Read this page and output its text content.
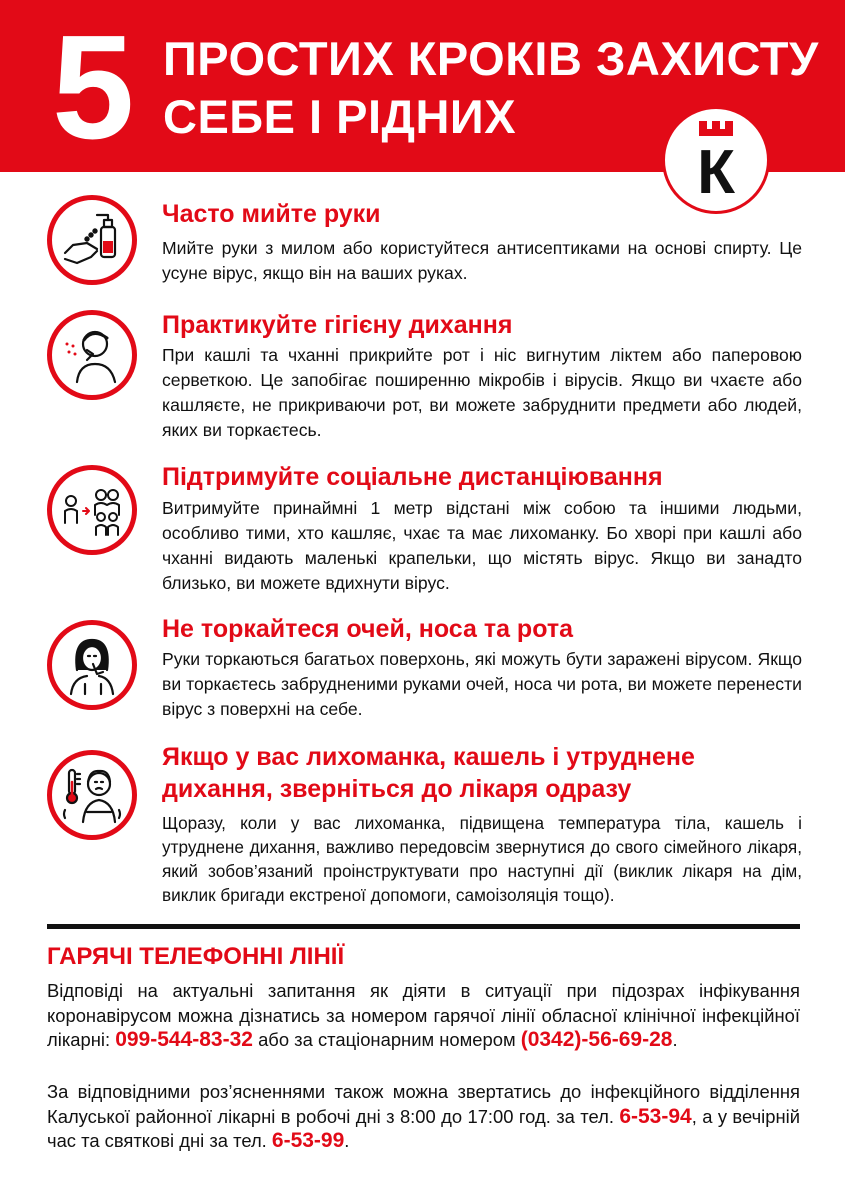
5 ПРОСТИХ КРОКІВ ЗАХИСТУ
СЕБЕ І РІДНИХ
К
Часто мийте руки

Мийте руки з милом або користуйтеся антисептиками на основі спирту. Це усуне вірус, якщо він на ваших руках.

Практикуйте гігієну дихання

При кашлі та чханні прикрийте рот і ніс вигнутим ліктем або паперовою серветкою. Це запобігає поширенню мікробів і вірусів. Якщо ви чхаєте або кашляєте, не прикриваючи рот, ви можете забруднити предмети або людей, яких ви торкаєтесь.

Підтримуйте соціальне дистанціювання

Витримуйте принаймні 1 метр відстані між собою та іншими людьми, особливо тими, хто кашляє, чхає та має лихоманку. Бо хворі при кашлі або чханні видають маленькі крапельки, що містять вірус. Якщо ви занадто близько, ви можете вдихнути вірус.

Не торкайтеся очей, носа та рота

Руки торкаються багатьох поверхонь, які можуть бути заражені вірусом. Якщо ви торкаєтесь забрудненими руками очей, носа чи рота, ви можете перенести вірус з поверхні на себе.

Якщо у вас лихоманка, кашель і утруднене
дихання, зверніться до лікаря одразу

Щоразу, коли у вас лихоманка, підвищена температура тіла, кашель і утруднене дихання, важливо передовсім звернутися до свого сімейного лікаря, який зобов’язаний проінструктувати про наступні дії (виклик лікаря на дім, виклик бригади екстреної допомоги, самоізоляція тощо).

ГАРЯЧІ ТЕЛЕФОННІ ЛІНІЇ

Відповіді на актуальні запитання як діяти в ситуації при підозрах інфікування коронавірусом можна дізнатись за номером гарячої лінії обласної клінічної інфекційної лікарні: 099-544-83-32 або за стаціонарним номером (0342)-56-69-28.

За відповідними роз’ясненнями також можна звертатись до інфекційного відділення Калуської районної лікарні в робочі дні з 8:00 до 17:00 год. за тел. 6-53-94, а у вечірній час та святкові дні за тел. 6-53-99.
